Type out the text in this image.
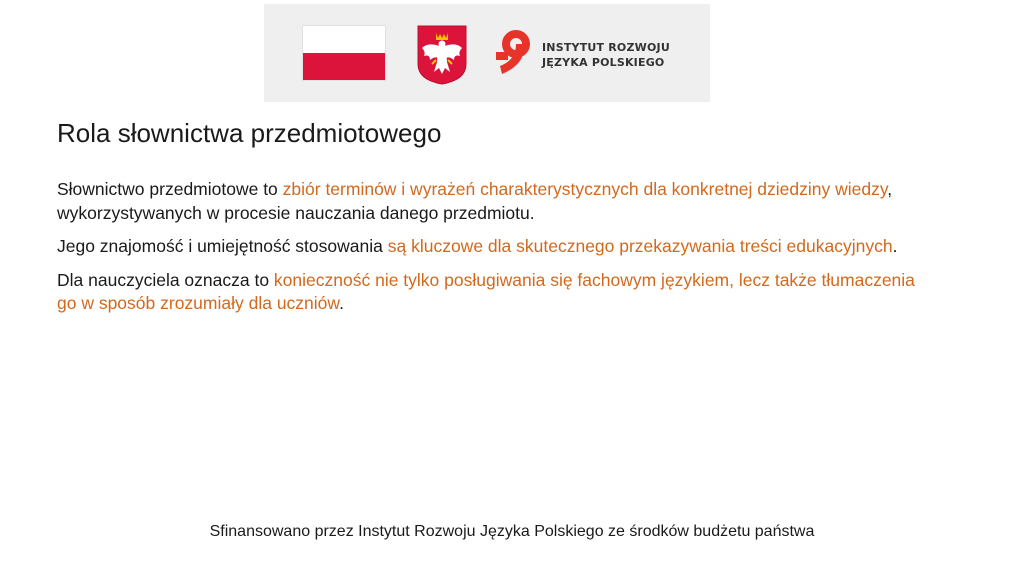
INSTYTUT ROZWOJU
JĘZYKA POLSKIEGO
Rola słownictwa przedmiotowego

Słownictwo przedmiotowe to zbiór terminów i wyrażeń charakterystycznych dla konkretnej dziedziny wiedzy, wykorzystywanych w procesie nauczania danego przedmiotu.

Jego znajomość i umiejętność stosowania są kluczowe dla skutecznego przekazywania treści edukacyjnych.

Dla nauczyciela oznacza to konieczność nie tylko posługiwania się fachowym językiem, lecz także tłumaczenia go w sposób zrozumiały dla uczniów.

Sfinansowano przez Instytut Rozwoju Języka Polskiego ze środków budżetu państwa
